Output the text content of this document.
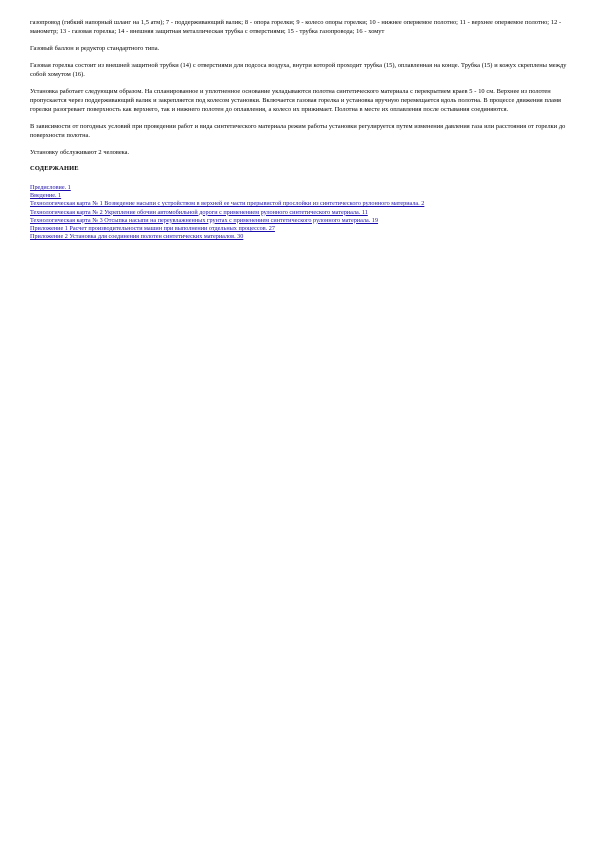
газопровод (гибкий напорный шланг на 1,5 атм); 7 - поддерживающий валик; 8 - опора горелки; 9 - колесо опоры горелки; 10 - нижнее оперяемое полотно; 11 - верхнее оперяемое полотно; 12 - манометр; 13 - газовая горелка; 14 - внешняя защитная металлическая трубка с отверстиями; 15 - трубка газопровода; 16 - хомут

Газовый баллон и редуктор стандартного типа.

Газовая горелка состоит из внешней защитной трубки (14) с отверстиями для подсоса воздуха, внутри которой проходит трубка (15), оплавленная на конце. Трубка (15) и кожух скреплены между собой хомутом (16).

Установка работает следующим образом. На спланированное и уплотненное основание укладываются полотна синтетического материала с перекрытием краев 5 - 10 см. Верхнее из полотен пропускается через поддерживающий валик и закрепляется под колесом установки. Включается газовая горелка и установка вручную перемещается вдоль полотна. В процессе движения пламя горелки разогревает поверхность как верхнего, так и нижнего полотен до оплавления, а колесо их прижимает. Полотна в месте их оплавления после остывания соединяются.

В зависимости от погодных условий при проведении работ и вида синтетического материала режим работы установки регулируется путем изменения давления газа или расстояния от горелки до поверхности полотна.

Установку обслуживают 2 человека.

СОДЕРЖАНИЕ
Предисловие. 1
Введение. 1
Технологическая карта № 1 Возведение насыпи с устройством в верхней ее части прерывистой прослойки из синтетического рулонного материала. 2
Технологическая карта № 2 Укрепление обочин автомобильной дороги с применением рулонного синтетического материала. 11
Технологическая карта № 3 Отсыпка насыпи на переувлажненных грунтах с применением синтетического рулонного материала. 19
Приложение 1 Расчет производительности машин при выполнении отдельных процессов. 27
Приложение 2 Установка для соединения полотен синтетических материалов. 30
